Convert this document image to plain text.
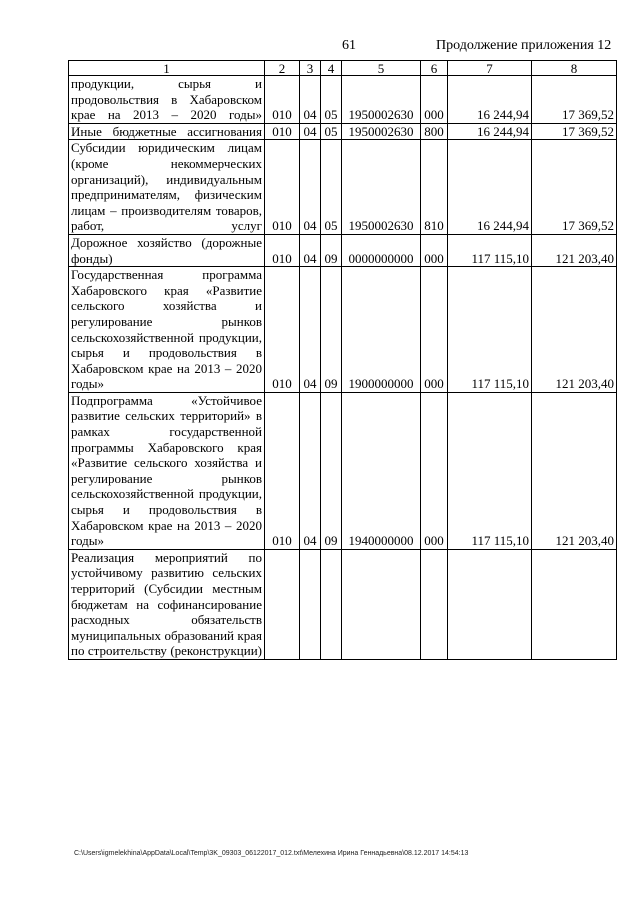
61	Продолжение приложения 12
1	2	3	4	5	6	7	8
продукции, сырья и продовольствия в Хабаровском крае на 2013 – 2020 годы»	010	04	05	1950002630	000	16 244,94	17 369,52
Иные бюджетные ассигнования	010	04	05	1950002630	800	16 244,94	17 369,52
Субсидии юридическим лицам (кроме некоммерческих организаций), индивидуальным предпринимателям, физическим лицам – производителям товаров, работ, услуг	010	04	05	1950002630	810	16 244,94	17 369,52
Дорожное хозяйство (дорожные фонды)	010	04	09	0000000000	000	117 115,10	121 203,40
Государственная программа Хабаровского края «Развитие сельского хозяйства и регулирование рынков сельскохозяйственной продукции, сырья и продовольствия в Хабаровском крае на 2013 – 2020 годы»	010	04	09	1900000000	000	117 115,10	121 203,40
Подпрограмма «Устойчивое развитие сельских территорий» в рамках государственной программы Хабаровского края «Развитие сельского хозяйства и регулирование рынков сельскохозяйственной продукции, сырья и продовольствия в Хабаровском крае на 2013 – 2020 годы»	010	04	09	1940000000	000	117 115,10	121 203,40
Реализация мероприятий по устойчивому развитию сельских территорий (Субсидии местным бюджетам на софинансирование расходных обязательств муниципальных образований края по строительству (реконструкции)							
C:\Users\igmelekhina\AppData\Local\Temp\3K_09303_06122017_012.txt\Мелехина Ирина Геннадьевна\08.12.2017 14:54:13
